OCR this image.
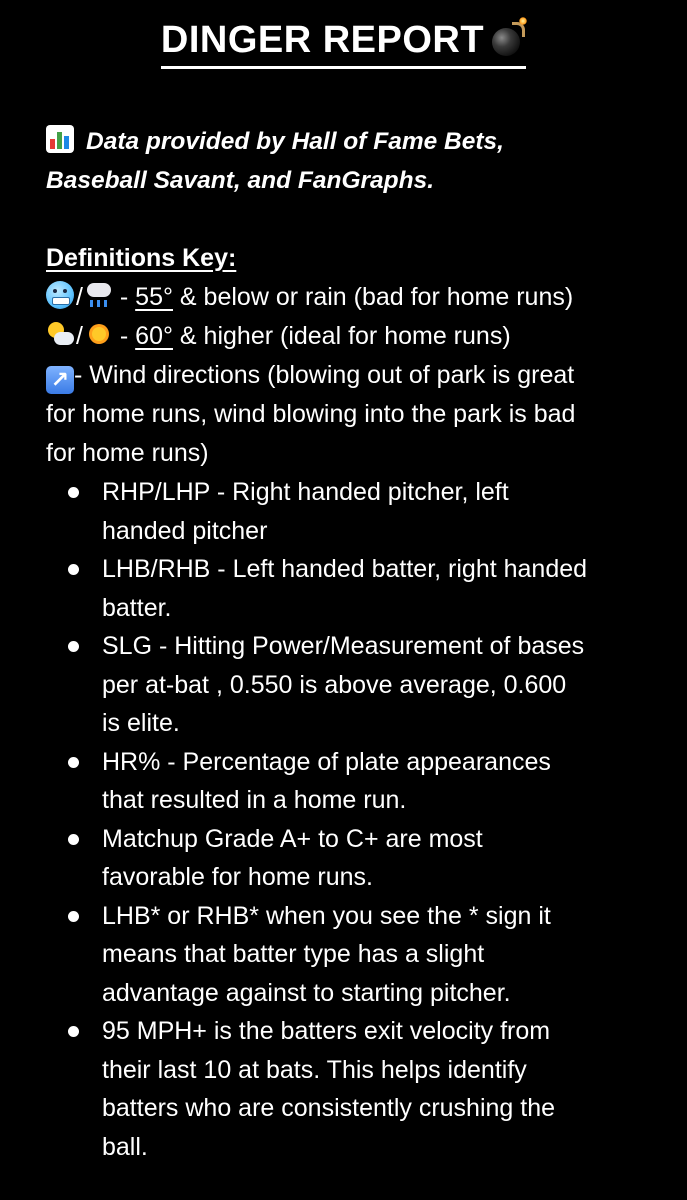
DINGER REPORT

Data provided by Hall of Fame Bets,
Baseball Savant, and FanGraphs.

Definitions Key:
/ - 55° & below or rain (bad for home runs)
/ - 60° & higher (ideal for home runs)
↗ - Wind directions (blowing out of park is great
for home runs, wind blowing into the park is bad
for home runs)
RHP/LHP - Right handed pitcher, left
handed pitcher
LHB/RHB - Left handed batter, right handed
batter.
SLG - Hitting Power/Measurement of bases
per at-bat , 0.550 is above average, 0.600
is elite.
HR% - Percentage of plate appearances
that resulted in a home run.
Matchup Grade A+ to C+ are most
favorable for home runs.
LHB* or RHB* when you see the * sign it
means that batter type has a slight
advantage against to starting pitcher.
95 MPH+ is the batters exit velocity from
their last 10 at bats. This helps identify
batters who are consistently crushing the
ball.
